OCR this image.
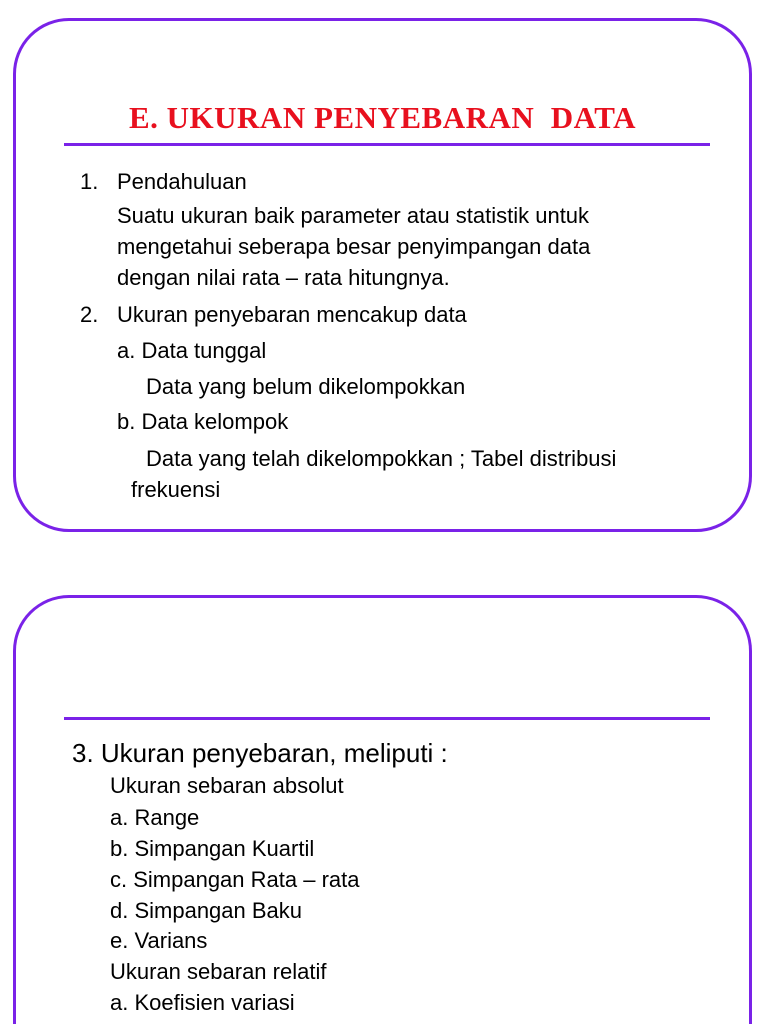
E. UKURAN PENYEBARAN  DATA
1. Pendahuluan
Suatu ukuran baik parameter atau statistik untuk
mengetahui seberapa besar penyimpangan data
dengan nilai rata – rata hitungnya.
2. Ukuran penyebaran mencakup data
a. Data tunggal
Data yang belum dikelompokkan
b. Data kelompok
Data yang telah dikelompokkan ; Tabel distribusi
frekuensi
3. Ukuran penyebaran, meliputi :
Ukuran sebaran absolut
a. Range
b. Simpangan Kuartil
c. Simpangan Rata – rata
d. Simpangan Baku
e. Varians
Ukuran sebaran relatif
a. Koefisien variasi
